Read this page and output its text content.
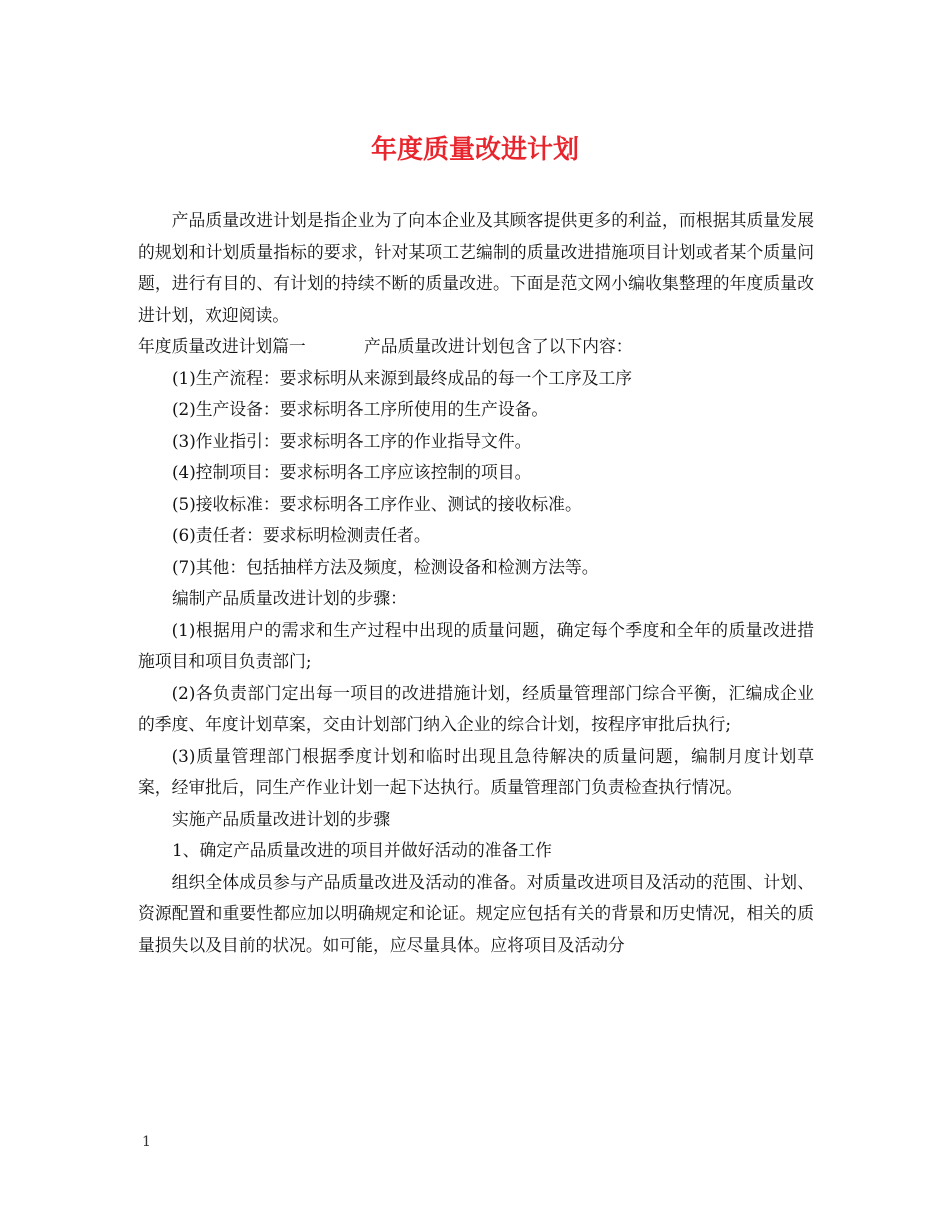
年度质量改进计划

产品质量改进计划是指企业为了向本企业及其顾客提供更多的利益，而根据其质量发展的规划和计划质量指标的要求，针对某项工艺编制的质量改进措施项目计划或者某个质量问题，进行有目的、有计划的持续不断的质量改进。下面是范文网小编收集整理的年度质量改进计划，欢迎阅读。

年度质量改进计划篇一	产品质量改进计划包含了以下内容：

(1)生产流程：要求标明从来源到最终成品的每一个工序及工序

(2)生产设备：要求标明各工序所使用的生产设备。

(3)作业指引：要求标明各工序的作业指导文件。

(4)控制项目：要求标明各工序应该控制的项目。

(5)接收标准：要求标明各工序作业、测试的接收标准。

(6)责任者：要求标明检测责任者。

(7)其他：包括抽样方法及频度，检测设备和检测方法等。

编制产品质量改进计划的步骤：

(1)根据用户的需求和生产过程中出现的质量问题，确定每个季度和全年的质量改进措施项目和项目负责部门;

(2)各负责部门定出每一项目的改进措施计划，经质量管理部门综合平衡，汇编成企业的季度、年度计划草案，交由计划部门纳入企业的综合计划，按程序审批后执行;

(3)质量管理部门根据季度计划和临时出现且急待解决的质量问题，编制月度计划草案，经审批后，同生产作业计划一起下达执行。质量管理部门负责检查执行情况。

实施产品质量改进计划的步骤

1、确定产品质量改进的项目并做好活动的准备工作

组织全体成员参与产品质量改进及活动的准备。对质量改进项目及活动的范围、计划、资源配置和重要性都应加以明确规定和论证。规定应包括有关的背景和历史情况，相关的质量损失以及目前的状况。如可能，应尽量具体。应将项目及活动分

1
